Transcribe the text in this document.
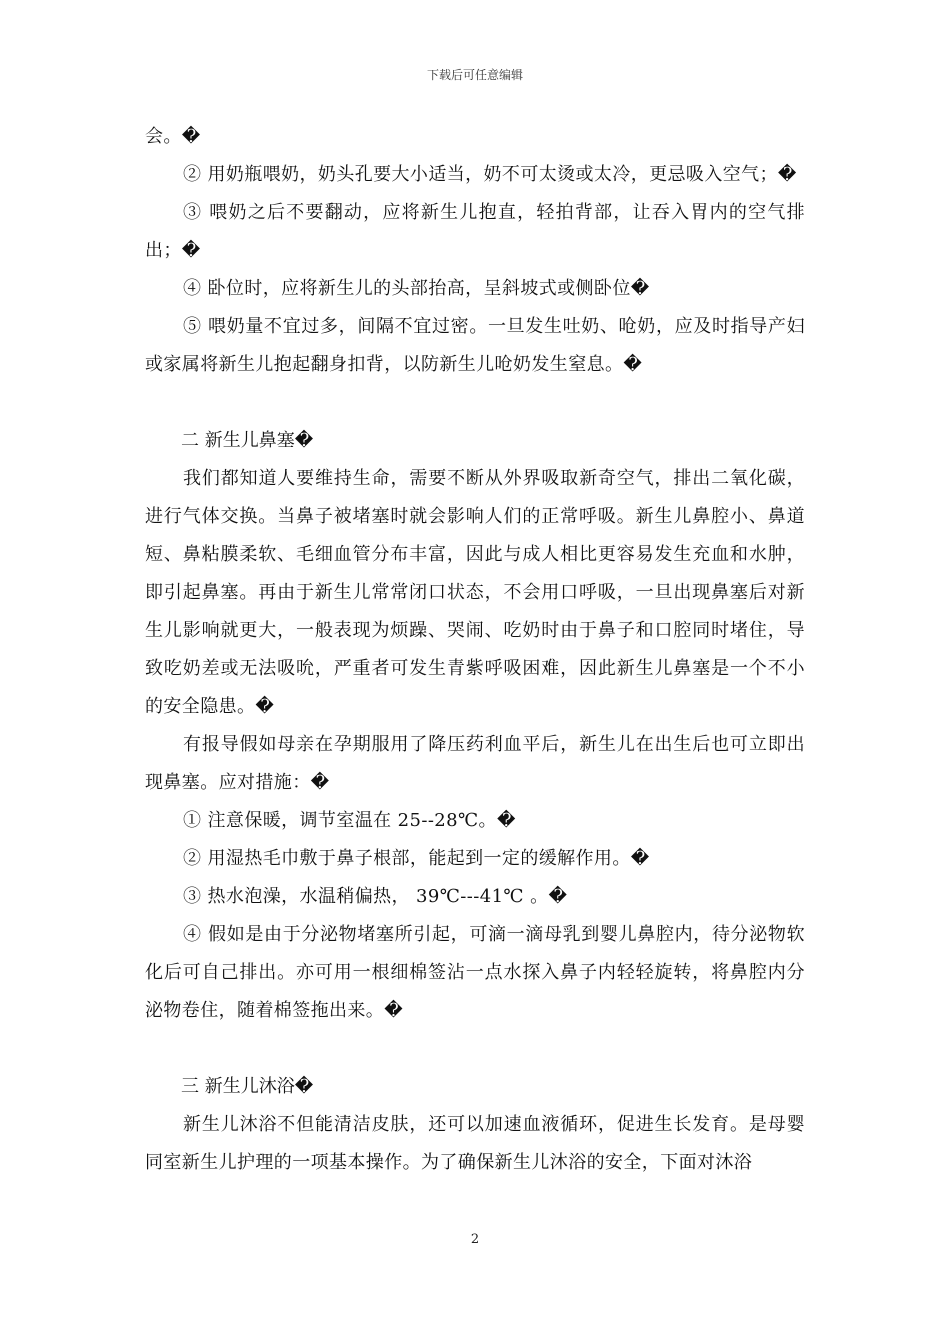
下载后可任意编辑

会。�

② 用奶瓶喂奶，奶头孔要大小适当，奶不可太烫或太冷，更忌吸入空气；�

③ 喂奶之后不要翻动，应将新生儿抱直，轻拍背部，让吞入胃内的空气排出；�

④ 卧位时，应将新生儿的头部抬高，呈斜坡式或侧卧位�

⑤ 喂奶量不宜过多，间隔不宜过密。一旦发生吐奶、呛奶，应及时指导产妇或家属将新生儿抱起翻身扣背，以防新生儿呛奶发生窒息。�

二 新生儿鼻塞�

我们都知道人要维持生命，需要不断从外界吸取新奇空气，排出二氧化碳，进行气体交换。当鼻子被堵塞时就会影响人们的正常呼吸。新生儿鼻腔小、鼻道短、鼻粘膜柔软、毛细血管分布丰富，因此与成人相比更容易发生充血和水肿，即引起鼻塞。再由于新生儿常常闭口状态，不会用口呼吸，一旦出现鼻塞后对新生儿影响就更大，一般表现为烦躁、哭闹、吃奶时由于鼻子和口腔同时堵住，导致吃奶差或无法吸吮，严重者可发生青紫呼吸困难，因此新生儿鼻塞是一个不小的安全隐患。�

有报导假如母亲在孕期服用了降压药利血平后，新生儿在出生后也可立即出现鼻塞。应对措施：�

① 注意保暖，调节室温在 25--28℃。�

② 用湿热毛巾敷于鼻子根部，能起到一定的缓解作用。�

③ 热水泡澡，水温稍偏热， 39℃---41℃ 。�

④ 假如是由于分泌物堵塞所引起，可滴一滴母乳到婴儿鼻腔内，待分泌物软化后可自己排出。亦可用一根细棉签沾一点水探入鼻子内轻轻旋转，将鼻腔内分泌物卷住，随着棉签拖出来。�

三 新生儿沐浴�

新生儿沐浴不但能清洁皮肤，还可以加速血液循环，促进生长发育。是母婴同室新生儿护理的一项基本操作。为了确保新生儿沐浴的安全，下面对沐浴

2
